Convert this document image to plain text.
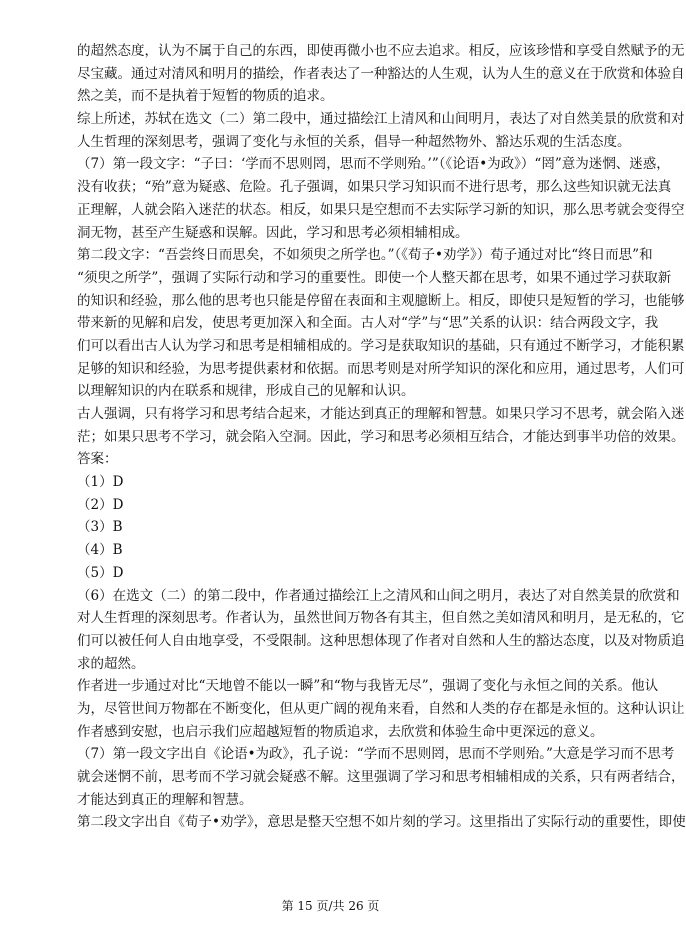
的超然态度，认为不属于自己的东西，即使再微小也不应去追求。相反，应该珍惜和享受自然赋予的无
尽宝藏。通过对清风和明月的描绘，作者表达了一种豁达的人生观，认为人生的意义在于欣赏和体验自
然之美，而不是执着于短暂的物质的追求。
综上所述，苏轼在选文（二）第二段中，通过描绘江上清风和山间明月，表达了对自然美景的欣赏和对
人生哲理的深刻思考，强调了变化与永恒的关系，倡导一种超然物外、豁达乐观的生活态度。
（7）第一段文字：“子曰：‘学而不思则罔，思而不学则殆。’”（《论语•为政》）“罔”意为迷惘、迷惑，
没有收获；“殆”意为疑惑、危险。孔子强调，如果只学习知识而不进行思考，那么这些知识就无法真
正理解，人就会陷入迷茫的状态。相反，如果只是空想而不去实际学习新的知识，那么思考就会变得空
洞无物，甚至产生疑惑和误解。因此，学习和思考必须相辅相成。
第二段文字：“吾尝终日而思矣，不如须臾之所学也。”（《荀子•劝学》）荀子通过对比“终日而思”和
“须臾之所学”，强调了实际行动和学习的重要性。即使一个人整天都在思考，如果不通过学习获取新
的知识和经验，那么他的思考也只能是停留在表面和主观臆断上。相反，即使只是短暂的学习，也能够
带来新的见解和启发，使思考更加深入和全面。古人对“学”与“思”关系的认识：结合两段文字，我
们可以看出古人认为学习和思考是相辅相成的。学习是获取知识的基础，只有通过不断学习，才能积累
足够的知识和经验，为思考提供素材和依据。而思考则是对所学知识的深化和应用，通过思考，人们可
以理解知识的内在联系和规律，形成自己的见解和认识。
古人强调，只有将学习和思考结合起来，才能达到真正的理解和智慧。如果只学习不思考，就会陷入迷
茫；如果只思考不学习，就会陷入空洞。因此，学习和思考必须相互结合，才能达到事半功倍的效果。
答案：
（1）D
（2）D
（3）B
（4）B
（5）D
（6）在选文（二）的第二段中，作者通过描绘江上之清风和山间之明月，表达了对自然美景的欣赏和
对人生哲理的深刻思考。作者认为，虽然世间万物各有其主，但自然之美如清风和明月，是无私的，它
们可以被任何人自由地享受，不受限制。这种思想体现了作者对自然和人生的豁达态度，以及对物质追
求的超然。
作者进一步通过对比“天地曾不能以一瞬”和“物与我皆无尽”，强调了变化与永恒之间的关系。他认
为，尽管世间万物都在不断变化，但从更广阔的视角来看，自然和人类的存在都是永恒的。这种认识让
作者感到安慰，也启示我们应超越短暂的物质追求，去欣赏和体验生命中更深远的意义。
（7）第一段文字出自《论语•为政》，孔子说：“学而不思则罔，思而不学则殆。”大意是学习而不思考
就会迷惘不前，思考而不学习就会疑惑不解。这里强调了学习和思考相辅相成的关系，只有两者结合，
才能达到真正的理解和智慧。
第二段文字出自《荀子•劝学》，意思是整天空想不如片刻的学习。这里指出了实际行动的重要性，即使
第 15 页/共 26 页
